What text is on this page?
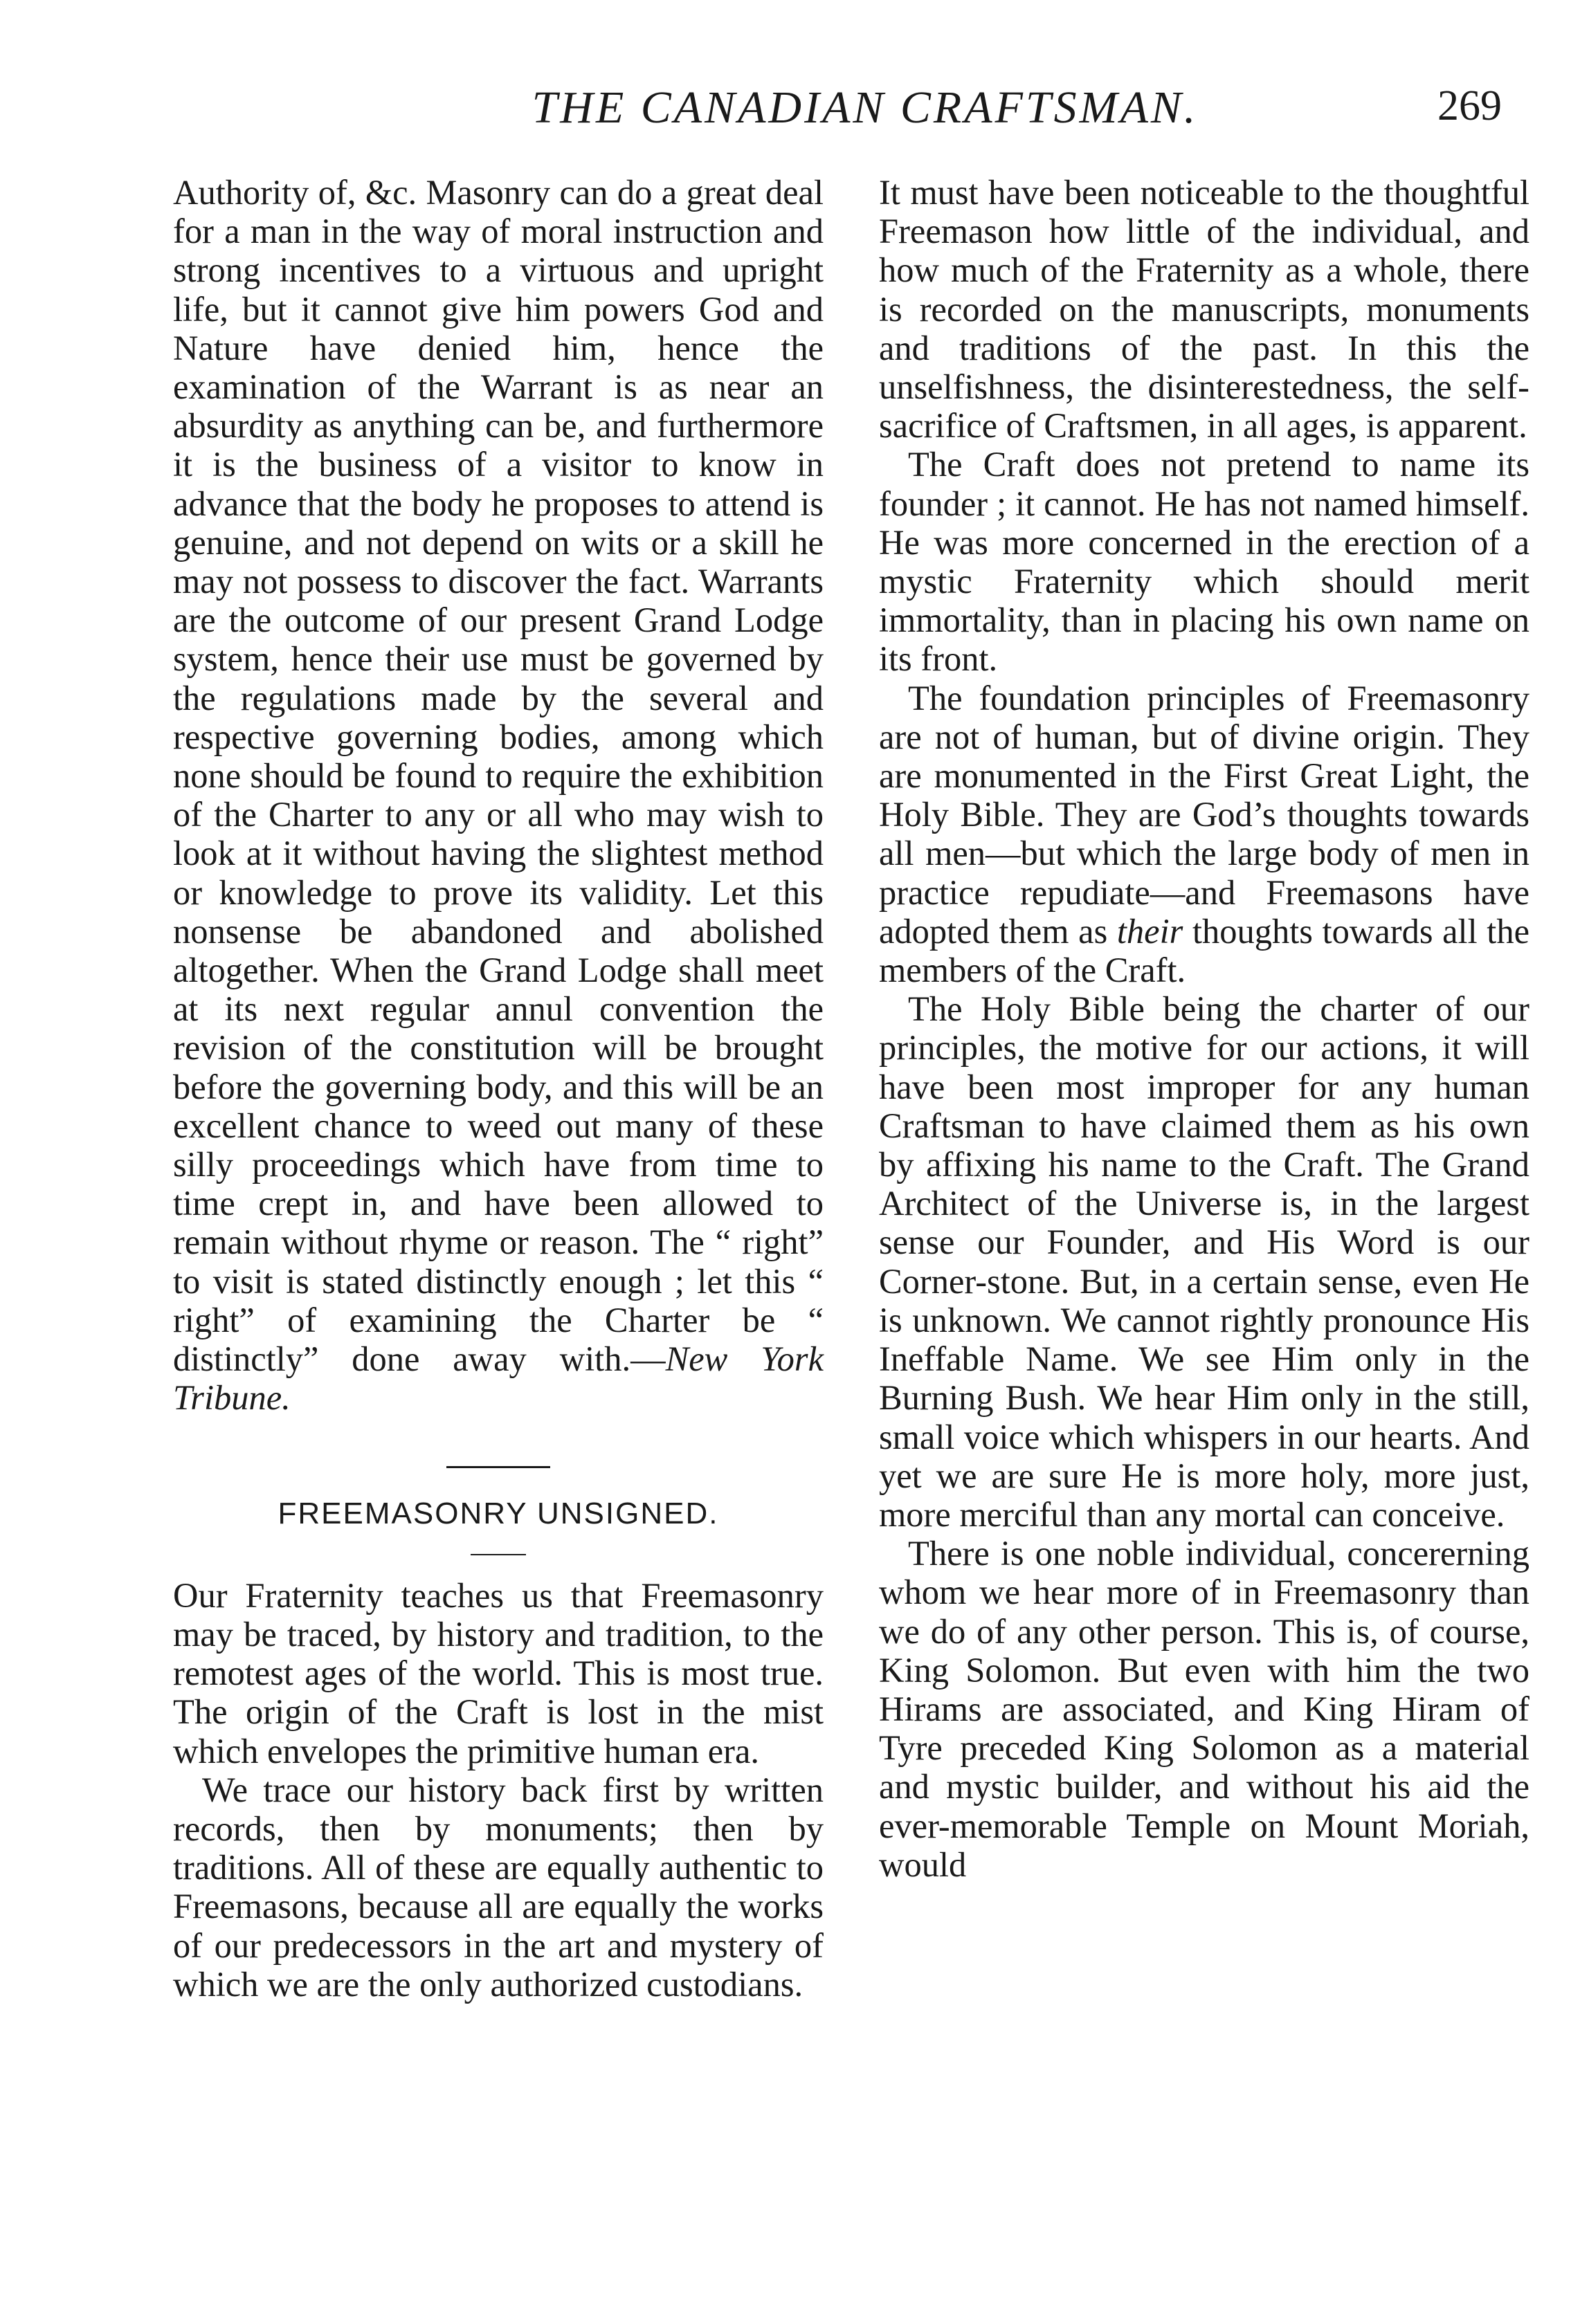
THE CANADIAN CRAFTSMAN.	269

Authority of, &c. Masonry can do a great deal for a man in the way of moral instruction and strong incentives to a virtuous and upright life, but it cannot give him powers God and Nature have denied him, hence the examination of the Warrant is as near an absurdity as anything can be, and furthermore it is the business of a visitor to know in advance that the body he proposes to attend is genuine, and not depend on wits or a skill he may not possess to discover the fact. Warrants are the outcome of our present Grand Lodge system, hence their use must be governed by the regulations made by the several and respective governing bodies, among which none should be found to require the exhibition of the Charter to any or all who may wish to look at it without having the slightest method or knowledge to prove its validity. Let this nonsense be abandoned and abolished altogether. When the Grand Lodge shall meet at its next regular annul convention the revision of the constitution will be brought before the governing body, and this will be an excellent chance to weed out many of these silly proceedings which have from time to time crept in, and have been allowed to remain without rhyme or reason. The “ right” to visit is stated distinctly enough ; let this “ right” of examining the Charter be “ distinctly” done away with.—New York Tribune.

FREEMASONRY UNSIGNED.

Our Fraternity teaches us that Freemasonry may be traced, by history and tradition, to the remotest ages of the world. This is most true. The origin of the Craft is lost in the mist which envelopes the primitive human era.

We trace our history back first by written records, then by monuments; then by traditions. All of these are equally authentic to Freemasons, because all are equally the works of our predecessors in the art and mystery of which we are the only authorized custodians.

It must have been noticeable to the thoughtful Freemason how little of the individual, and how much of the Fraternity as a whole, there is recorded on the manuscripts, monuments and traditions of the past. In this the unselfishness, the disinterestedness, the self-sacrifice of Craftsmen, in all ages, is apparent.

The Craft does not pretend to name its founder ; it cannot. He has not named himself. He was more concerned in the erection of a mystic Fraternity which should merit immortality, than in placing his own name on its front.

The foundation principles of Freemasonry are not of human, but of divine origin. They are monumented in the First Great Light, the Holy Bible. They are God’s thoughts towards all men—but which the large body of men in practice repudiate—and Freemasons have adopted them as their thoughts towards all the members of the Craft.

The Holy Bible being the charter of our principles, the motive for our actions, it will have been most improper for any human Craftsman to have claimed them as his own by affixing his name to the Craft. The Grand Architect of the Universe is, in the largest sense our Founder, and His Word is our Corner-stone. But, in a certain sense, even He is unknown. We cannot rightly pronounce His Ineffable Name. We see Him only in the Burning Bush. We hear Him only in the still, small voice which whispers in our hearts. And yet we are sure He is more holy, more just, more merciful than any mortal can conceive.

There is one noble individual, concererning whom we hear more of in Freemasonry than we do of any other person. This is, of course, King Solomon. But even with him the two Hirams are associated, and King Hiram of Tyre preceded King Solomon as a material and mystic builder, and without his aid the ever-memorable Temple on Mount Moriah, would
